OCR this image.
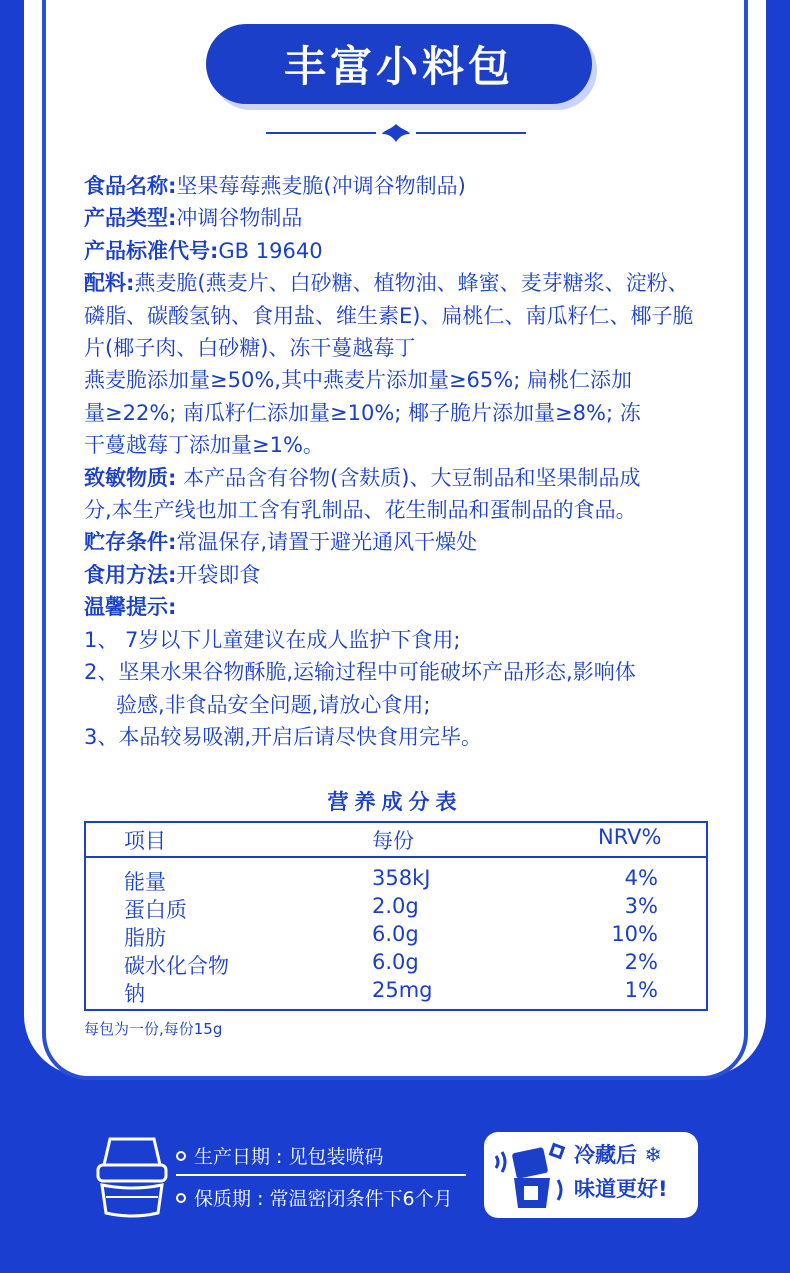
丰富小料包

食品名称:坚果莓莓燕麦脆(冲调谷物制品)

产品类型:冲调谷物制品

产品标准代号:GB 19640

配料:燕麦脆(燕麦片、白砂糖、植物油、蜂蜜、麦芽糖浆、淀粉、

磷脂、碳酸氢钠、食用盐、维生素E)、扁桃仁、南瓜籽仁、椰子脆

片(椰子肉、白砂糖)、冻干蔓越莓丁

燕麦脆添加量≥50%,其中燕麦片添加量≥65%; 扁桃仁添加

量≥22%; 南瓜籽仁添加量≥10%; 椰子脆片添加量≥8%; 冻

干蔓越莓丁添加量≥1%。

致敏物质: 本产品含有谷物(含麸质)、大豆制品和坚果制品成

分,本生产线也加工含有乳制品、花生制品和蛋制品的食品。

贮存条件:常温保存,请置于避光通风干燥处

食用方法:开袋即食

温馨提示:

1、 7岁以下儿童建议在成人监护下食用;

2、坚果水果谷物酥脆,运输过程中可能破坏产品形态,影响体

验感,非食品安全问题,请放心食用;

3、本品较易吸潮,开启后请尽快食用完毕。

营养成分表
项目	每份	NRV%
能量	358kJ	4%
蛋白质	2.0g	3%
脂肪	6.0g	10%
碳水化合物	6.0g	2%
钠	25mg	1%
每包为一份,每份15g
生产日期 : 见包装喷码
保质期 : 常温密闭条件下6个月
冷藏后 ❄
味道更好!
